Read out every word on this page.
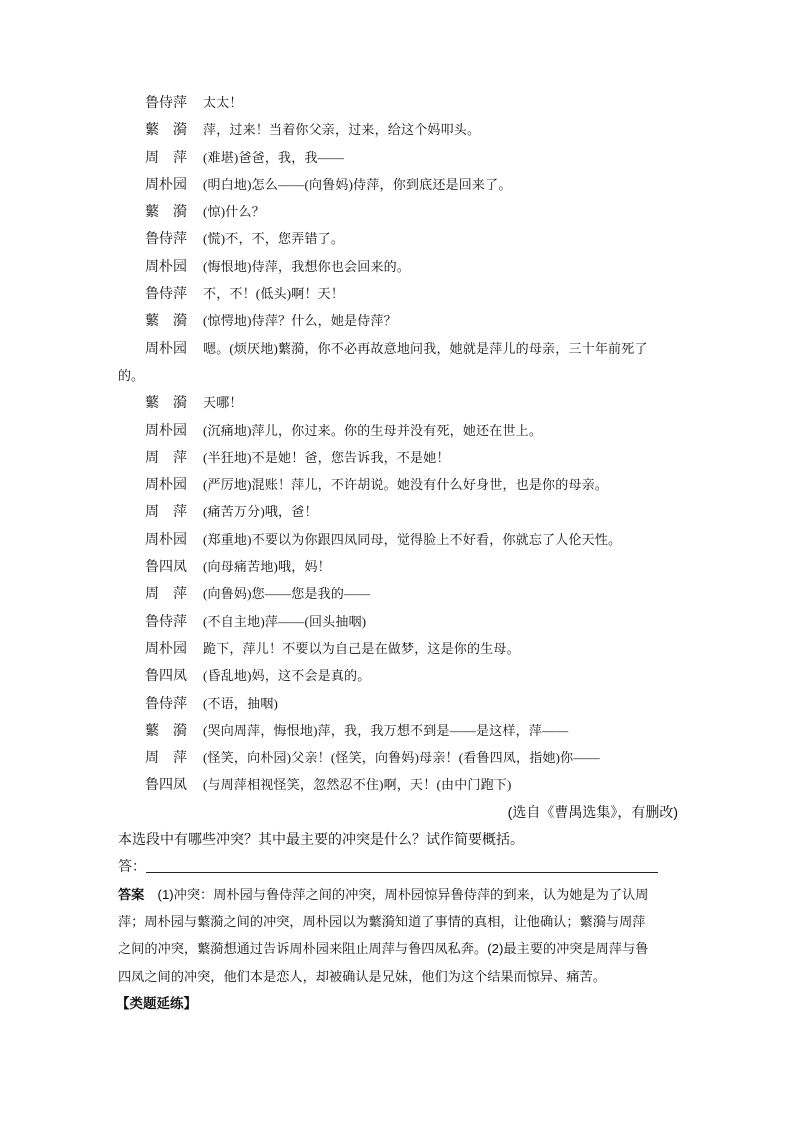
鲁侍萍 太太！
蘩　漪 萍，过来！当着你父亲，过来，给这个妈叩头。
周　萍 (难堪)爸爸，我，我——
周朴园 (明白地)怎么——(向鲁妈)侍萍，你到底还是回来了。
蘩　漪 (惊)什么？
鲁侍萍 (慌)不，不，您弄错了。
周朴园 (悔恨地)侍萍，我想你也会回来的。
鲁侍萍 不，不！(低头)啊！天！
蘩　漪 (惊愕地)侍萍？什么，她是侍萍？
周朴园 嗯。(烦厌地)蘩漪，你不必再故意地问我，她就是萍儿的母亲，三十年前死了
的。
蘩　漪 天哪！
周朴园 (沉痛地)萍儿，你过来。你的生母并没有死，她还在世上。
周　萍 (半狂地)不是她！爸，您告诉我，不是她！
周朴园 (严厉地)混账！萍儿，不许胡说。她没有什么好身世，也是你的母亲。
周　萍 (痛苦万分)哦，爸！
周朴园 (郑重地)不要以为你跟四凤同母，觉得脸上不好看，你就忘了人伦天性。
鲁四凤 (向母痛苦地)哦，妈！
周　萍 (向鲁妈)您——您是我的——
鲁侍萍 (不自主地)萍——(回头抽咽)
周朴园 跪下，萍儿！不要以为自己是在做梦，这是你的生母。
鲁四凤 (昏乱地)妈，这不会是真的。
鲁侍萍 (不语，抽咽)
蘩　漪 (哭向周萍，悔恨地)萍，我，我万想不到是——是这样，萍——
周　萍 (怪笑，向朴园)父亲！(怪笑，向鲁妈)母亲！(看鲁四凤，指她)你——
鲁四凤 (与周萍相视怪笑，忽然忍不住)啊，天！(由中门跑下)
(选自《曹禺选集》，有删改)
本选段中有哪些冲突？其中最主要的冲突是什么？试作简要概括。
答：
答案　(1)冲突：周朴园与鲁侍萍之间的冲突，周朴园惊异鲁侍萍的到来，认为她是为了认周
萍；周朴园与蘩漪之间的冲突，周朴园以为蘩漪知道了事情的真相，让他确认；蘩漪与周萍
之间的冲突，蘩漪想通过告诉周朴园来阻止周萍与鲁四凤私奔。(2)最主要的冲突是周萍与鲁
四凤之间的冲突，他们本是恋人，却被确认是兄妹，他们为这个结果而惊异、痛苦。
【类题延练】
